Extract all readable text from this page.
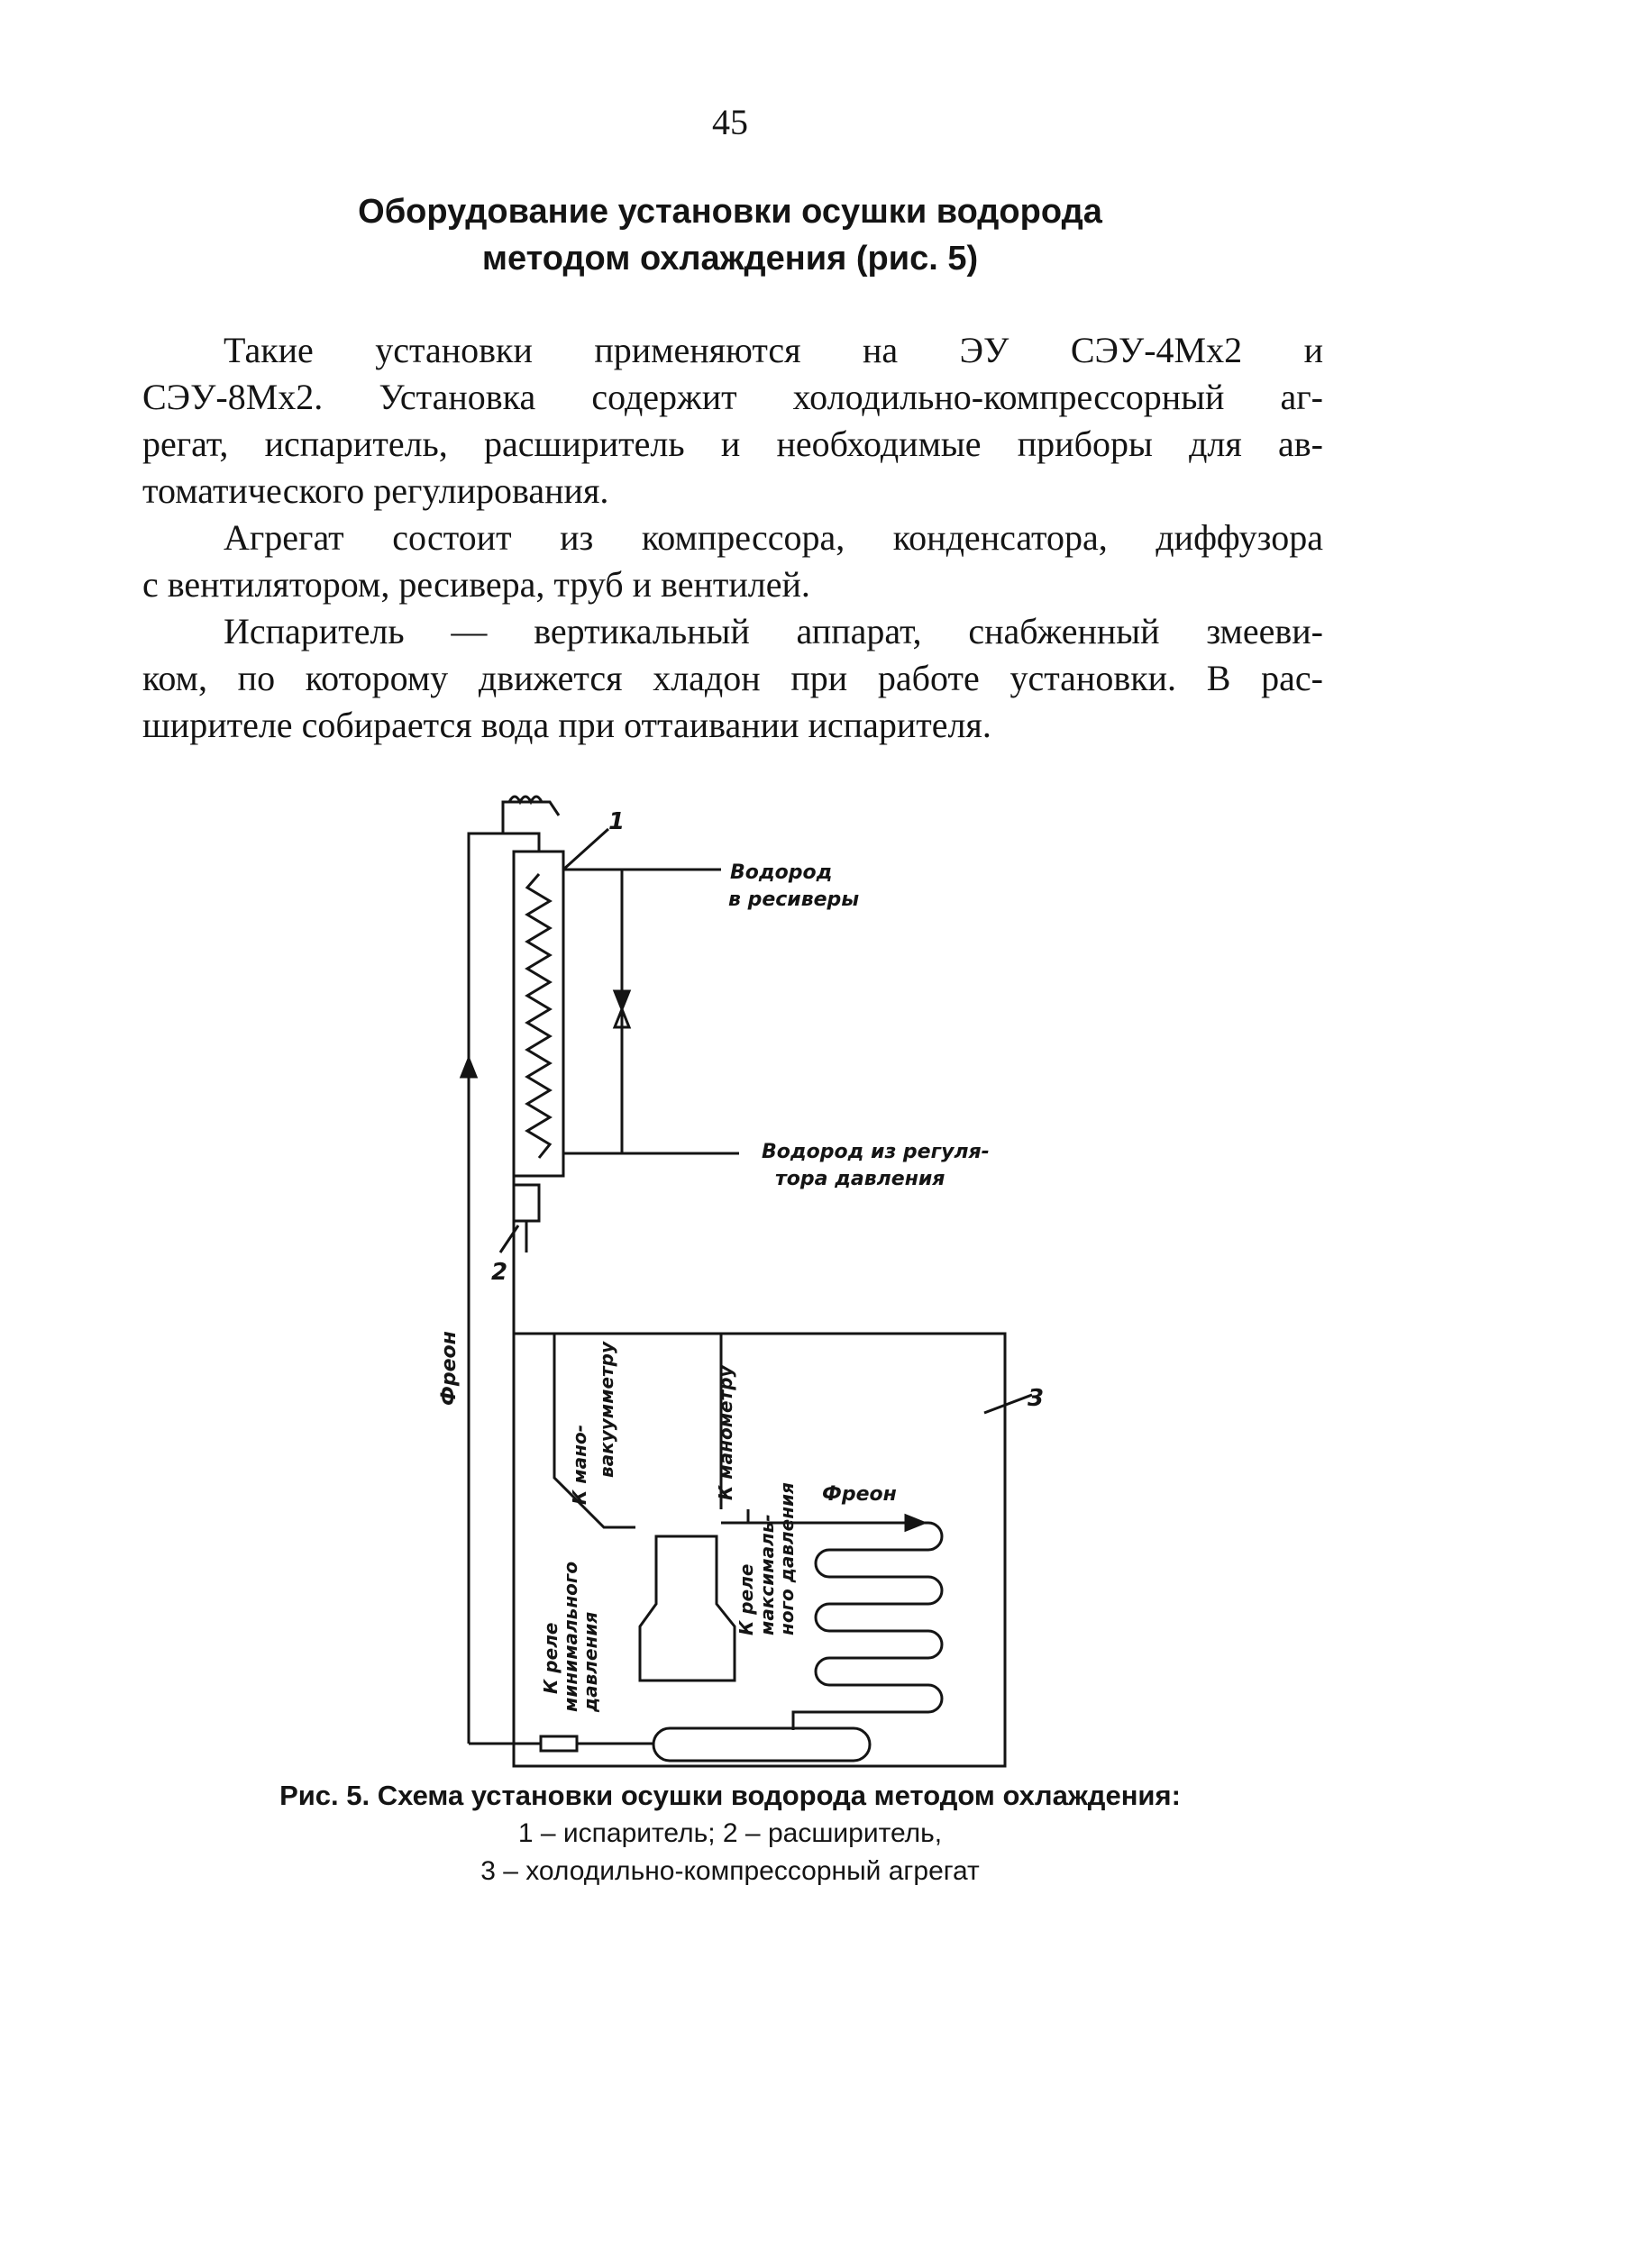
45
Оборудование установки осушки водорода
методом охлаждения (рис. 5)
Такие установки применяются на ЭУ СЭУ-4Мх2 и
СЭУ-8Мх2. Установка содержит холодильно-компрессорный аг-
регат, испаритель, расширитель и необходимые приборы для ав-
томатического регулирования.
Агрегат состоит из компрессора, конденсатора, диффузора
с вентилятором, ресивера, труб и вентилей.
Испаритель — вертикальный аппарат, снабженный змееви-
ком, по которому движется хладон при работе установки. В рас-
ширителе собирается вода при оттаивании испарителя.
Водород
в ресиверы
Водород из регуля-
тора давления
1
2
3
Фреон
Фреон
К мано- вакуумметру	К манометру
К реле
минимального
давления
К реле максималь-
ного давления
Рис. 5. Схема установки осушки водорода методом охлаждения:
1 – испаритель; 2 – расширитель,
3 – холодильно-компрессорный агрегат
